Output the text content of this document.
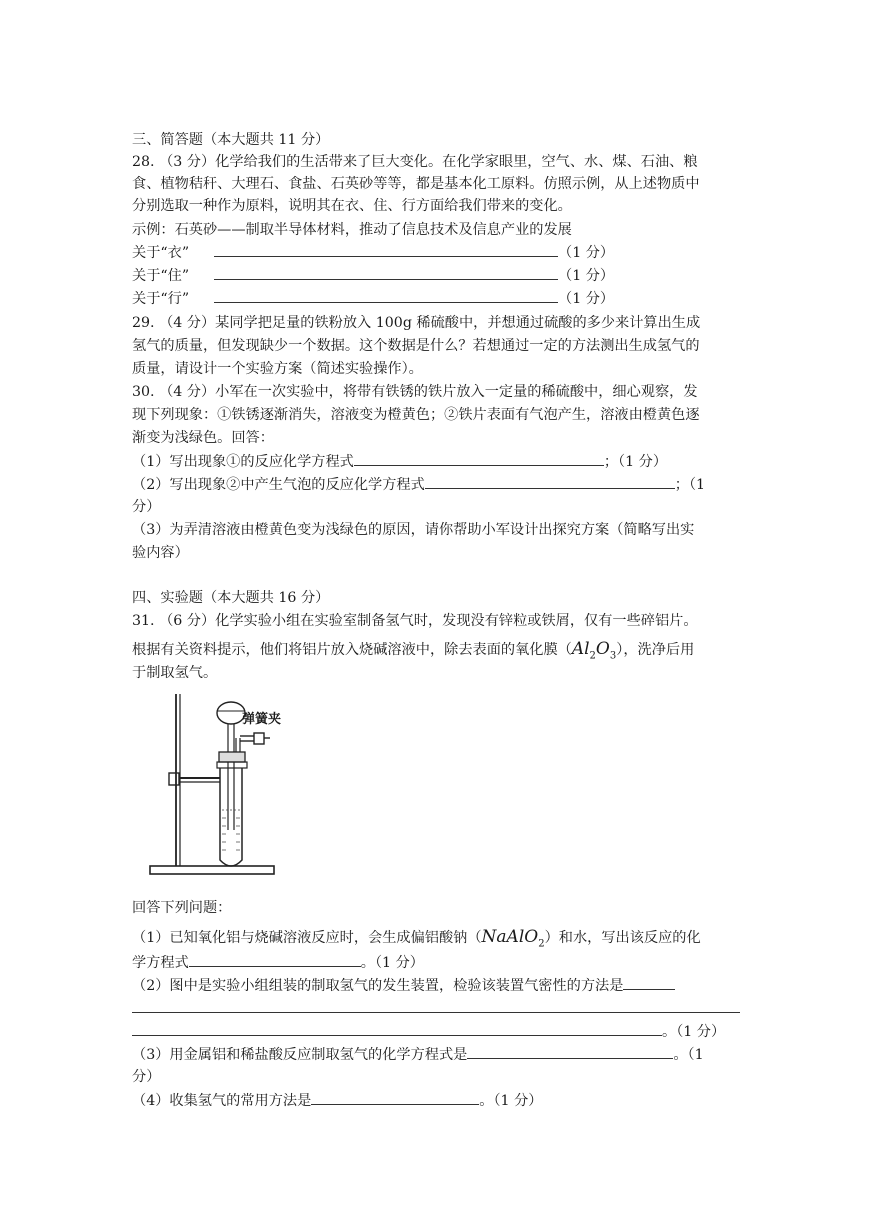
三、简答题（本大题共 11 分）
28. （3 分）化学给我们的生活带来了巨大变化。在化学家眼里，空气、水、煤、石油、粮
食、植物秸秆、大理石、食盐、石英砂等等，都是基本化工原料。仿照示例，从上述物质中
分别选取一种作为原料，说明其在衣、住、行方面给我们带来的变化。
示例：石英砂——制取半导体材料，推动了信息技术及信息产业的发展
关于“衣”	（1 分）
关于“住”	（1 分）
关于“行”	（1 分）
29. （4 分）某同学把足量的铁粉放入 100g 稀硫酸中，并想通过硫酸的多少来计算出生成
氢气的质量，但发现缺少一个数据。这个数据是什么？若想通过一定的方法测出生成氢气的
质量，请设计一个实验方案（简述实验操作）。
30. （4 分）小军在一次实验中，将带有铁锈的铁片放入一定量的稀硫酸中，细心观察，发
现下列现象：①铁锈逐渐消失，溶液变为橙黄色；②铁片表面有气泡产生，溶液由橙黄色逐
渐变为浅绿色。回答：
（1）写出现象①的反应化学方程式	；（1 分）
（2）写出现象②中产生气泡的反应化学方程式	；（1
分）
（3）为弄清溶液由橙黄色变为浅绿色的原因，请你帮助小军设计出探究方案（简略写出实
验内容）
四、实验题（本大题共 16 分）
31. （6 分）化学实验小组在实验室制备氢气时，发现没有锌粒或铁屑，仅有一些碎铝片。
根据有关资料提示，他们将铝片放入烧碱溶液中，除去表面的氧化膜$(Al_2O_3)$，洗净后用
于制取氢气。
弹簧夹
回答下列问题：
（1）已知氧化铝与烧碱溶液反应时，会生成偏铝酸钠（NaAlO$_2$）和水，写出该反应的化
学方程式	。（1 分）
（2）图中是实验小组组装的制取氢气的发生装置，检验该装置气密性的方法是
。（1 分）
（3）用金属铝和稀盐酸反应制取氢气的化学方程式是	。（1
分）
（4）收集氢气的常用方法是	。（1 分）
